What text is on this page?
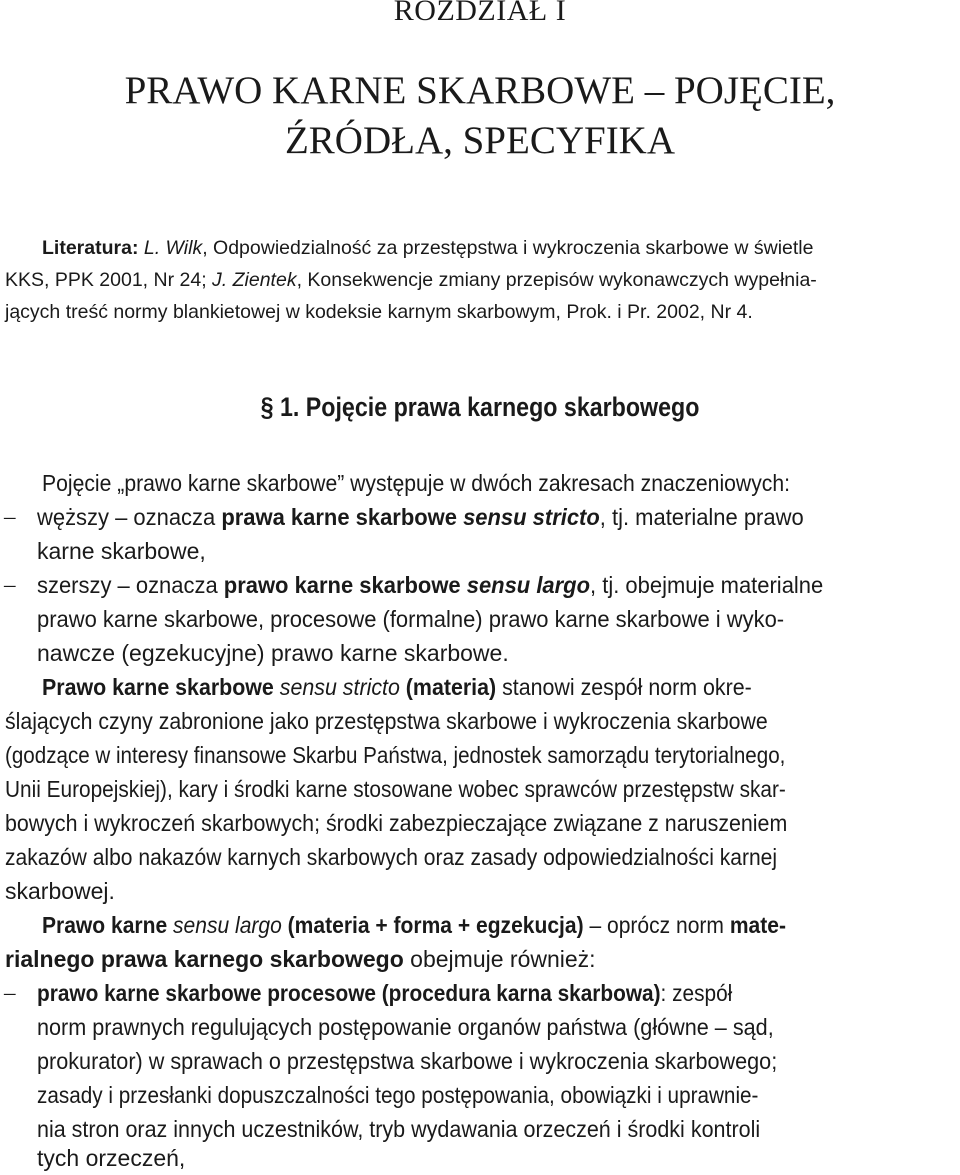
ROZDZIAŁ I
PRAWO KARNE SKARBOWE – POJĘCIE,
ŹRÓDŁA, SPECYFIKA
Literatura: L. Wilk, Odpowiedzialność za przestępstwa i wykroczenia skarbowe w świetle
KKS, PPK 2001, Nr 24; J. Zientek, Konsekwencje zmiany przepisów wykonawczych wypełnia-
jących treść normy blankietowej w kodeksie karnym skarbowym, Prok. i Pr. 2002, Nr 4.
§ 1. Pojęcie prawa karnego skarbowego
Pojęcie „prawo karne skarbowe” występuje w dwóch zakresach znaczeniowych:
– węższy – oznacza prawa karne skarbowe sensu stricto, tj. materialne prawo
karne skarbowe,
– szerszy – oznacza prawo karne skarbowe sensu largo, tj. obejmuje materialne
prawo karne skarbowe, procesowe (formalne) prawo karne skarbowe i wyko-
nawcze (egzekucyjne) prawo karne skarbowe.
Prawo karne skarbowe sensu stricto (materia) stanowi zespół norm okre-
ślających czyny zabronione jako przestępstwa skarbowe i wykroczenia skarbowe
(godzące w interesy finansowe Skarbu Państwa, jednostek samorządu terytorialnego,
Unii Europejskiej), kary i środki karne stosowane wobec sprawców przestępstw skar-
bowych i wykroczeń skarbowych; środki zabezpieczające związane z naruszeniem
zakazów albo nakazów karnych skarbowych oraz zasady odpowiedzialności karnej
skarbowej.
Prawo karne sensu largo (materia + forma + egzekucja) – oprócz norm mate-
rialnego prawa karnego skarbowego obejmuje również:
– prawo karne skarbowe procesowe (procedura karna skarbowa): zespół
norm prawnych regulujących postępowanie organów państwa (główne – sąd,
prokurator) w sprawach o przestępstwa skarbowe i wykroczenia skarbowego;
zasady i przesłanki dopuszczalności tego postępowania, obowiązki i uprawnie-
nia stron oraz innych uczestników, tryb wydawania orzeczeń i środki kontroli
tych orzeczeń,
